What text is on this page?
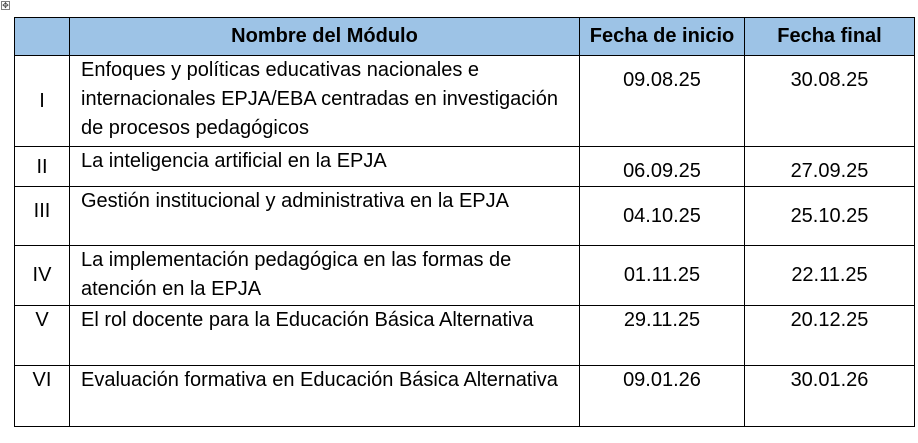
✥
	Nombre del Módulo	Fecha de inicio	Fecha final
I	Enfoques y políticas educativas nacionales e internacionales EPJA/EBA centradas en investigación de procesos pedagógicos	09.08.25	30.08.25
II	La inteligencia artificial en la EPJA	06.09.25	27.09.25
III	Gestión institucional y administrativa en la EPJA	04.10.25	25.10.25
IV	La implementación pedagógica en las formas de atención en la EPJA	01.11.25	22.11.25
V	El rol docente para la Educación Básica Alternativa	29.11.25	20.12.25
VI	Evaluación formativa en Educación Básica Alternativa	09.01.26	30.01.26
